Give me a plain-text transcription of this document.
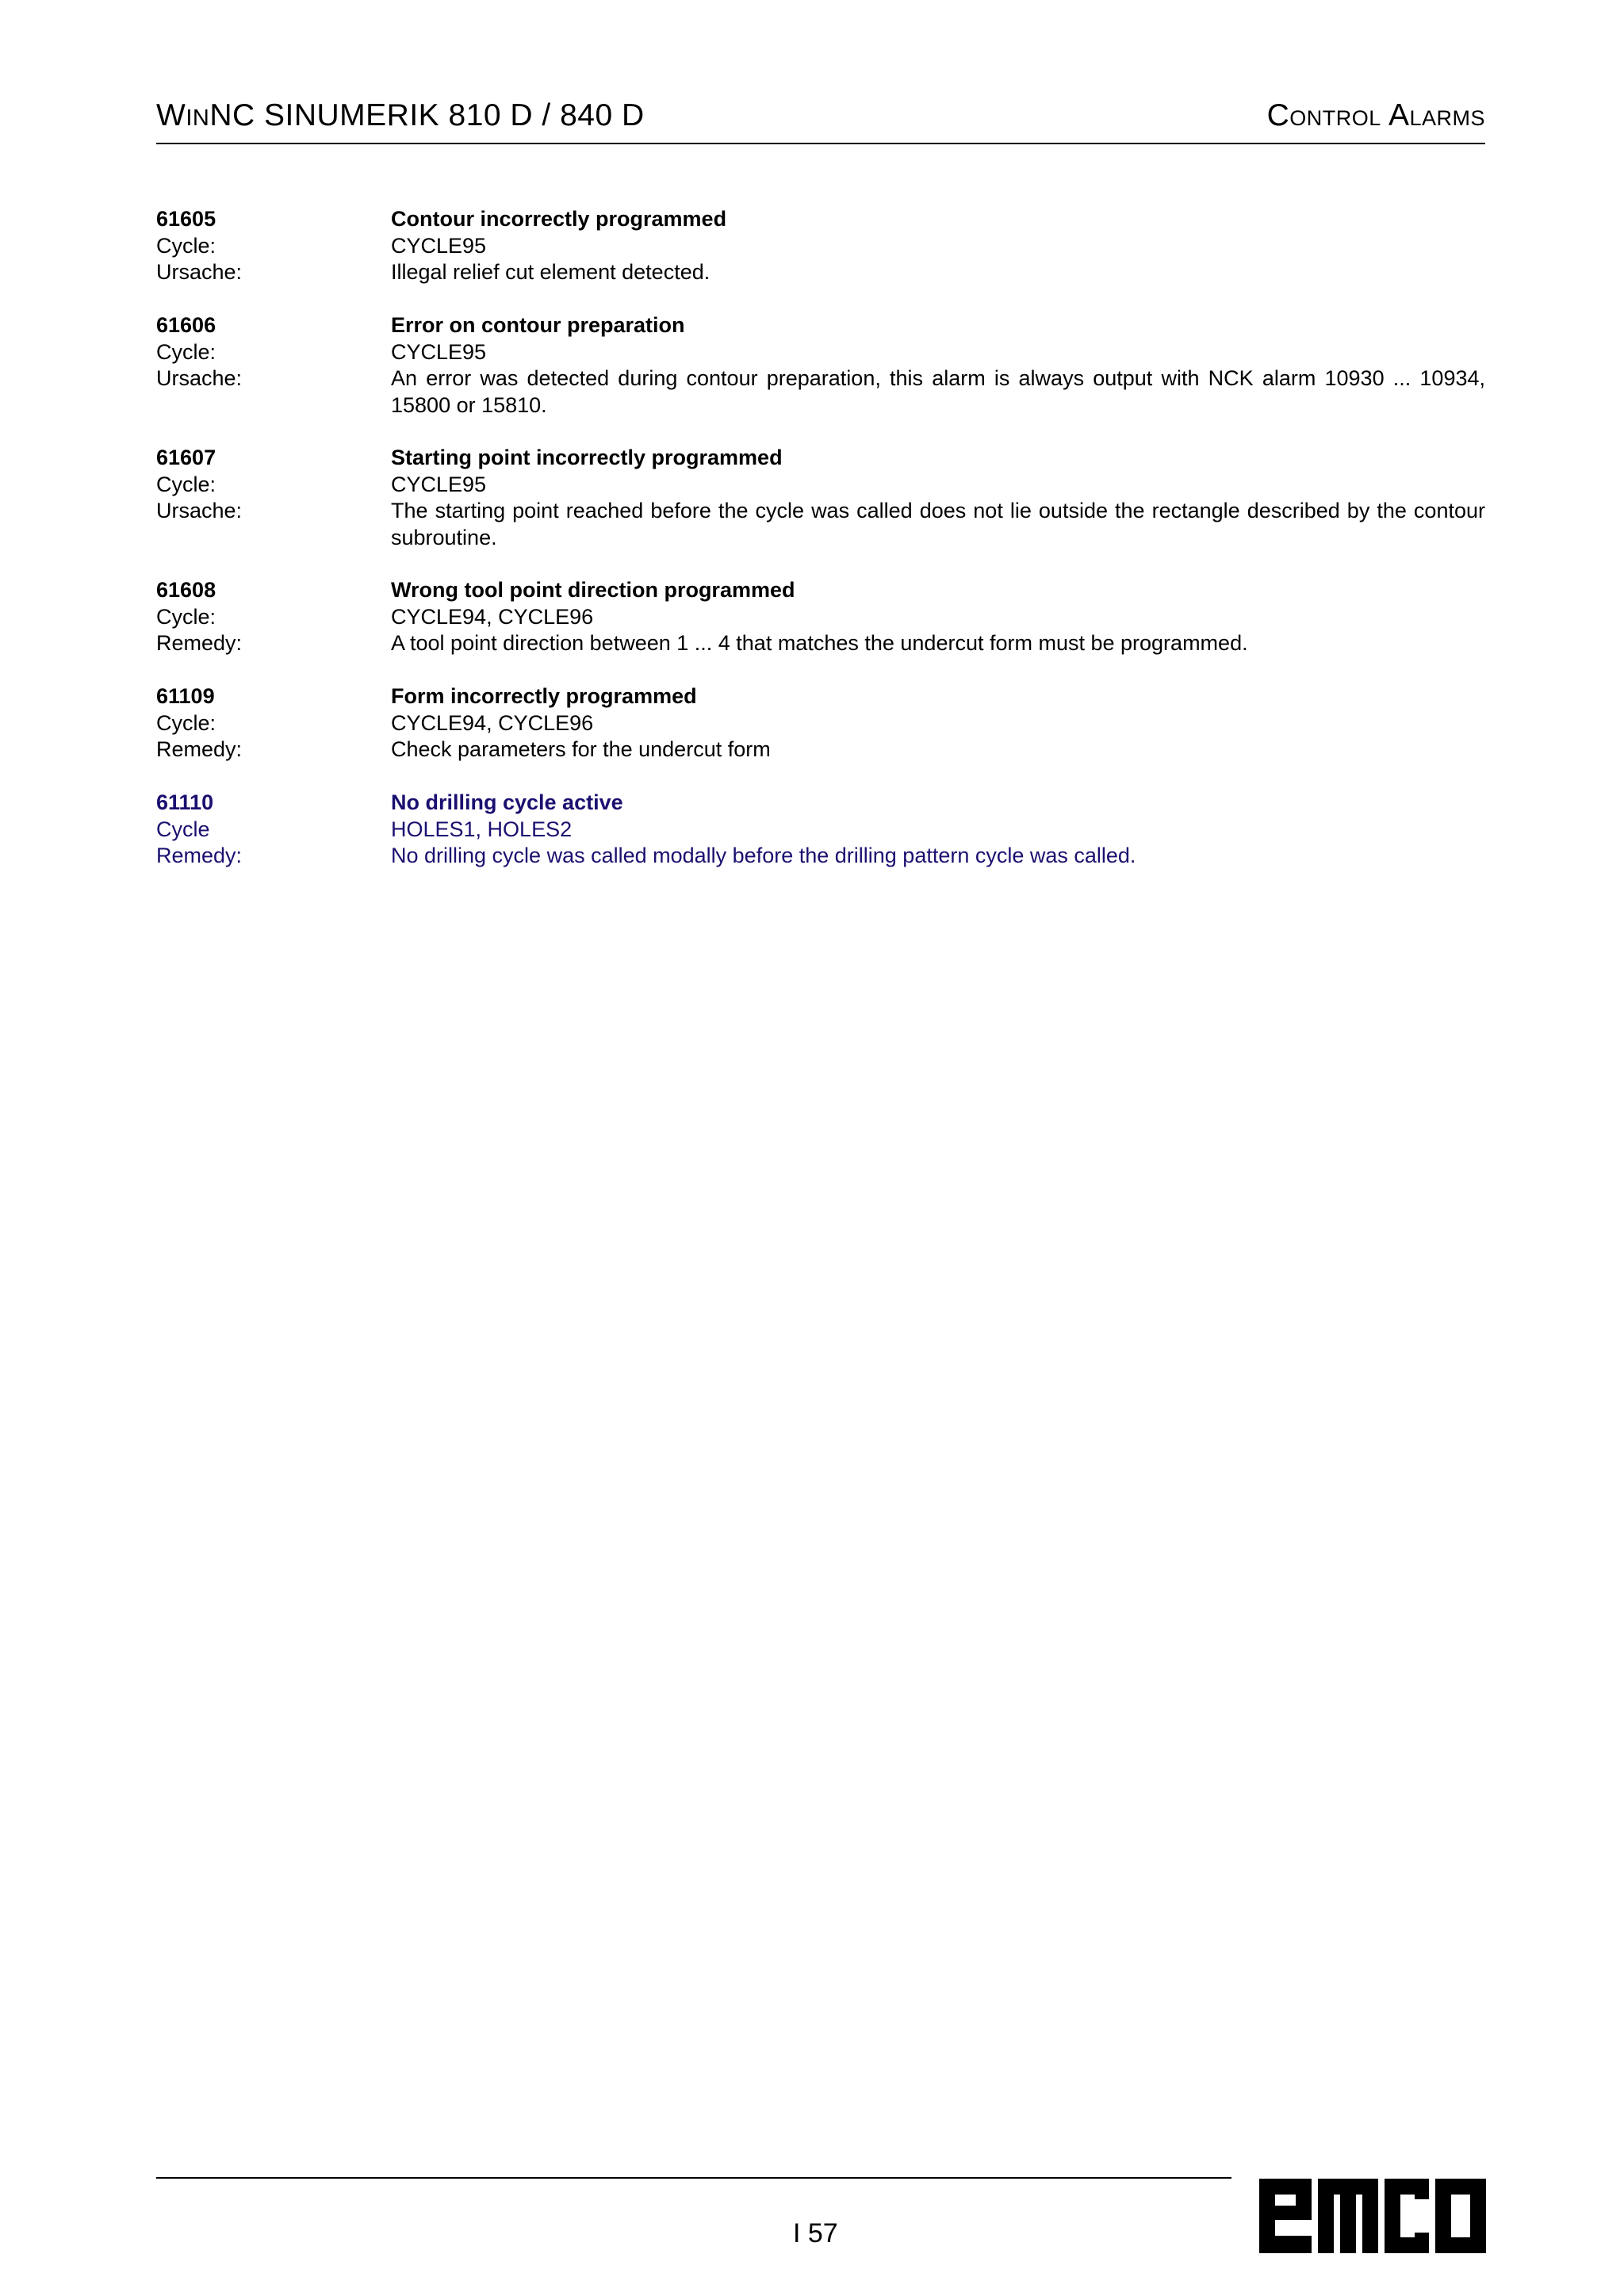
WINNC SINUMERIK 810 D / 840 D	Control Alarms
61605	Contour incorrectly programmed
Cycle:	CYCLE95
Ursache:	Illegal relief cut element detected.
61606	Error on contour preparation
Cycle:	CYCLE95
Ursache:	An error was detected during contour preparation, this alarm is always output with NCK alarm 10930 ... 10934, 15800 or 15810.
61607	Starting point incorrectly programmed
Cycle:	CYCLE95
Ursache:	The starting point reached before the cycle was called does not lie outside the rectangle described by the contour subroutine.
61608	Wrong tool point direction programmed
Cycle:	CYCLE94, CYCLE96
Remedy:	A tool point direction between 1 ... 4 that matches the undercut form must be programmed.
61109	Form incorrectly programmed
Cycle:	CYCLE94, CYCLE96
Remedy:	Check parameters for the undercut form
61110	No drilling cycle active
Cycle	HOLES1, HOLES2
Remedy:	No drilling cycle was called modally before the drilling pattern cycle was called.
I 57
